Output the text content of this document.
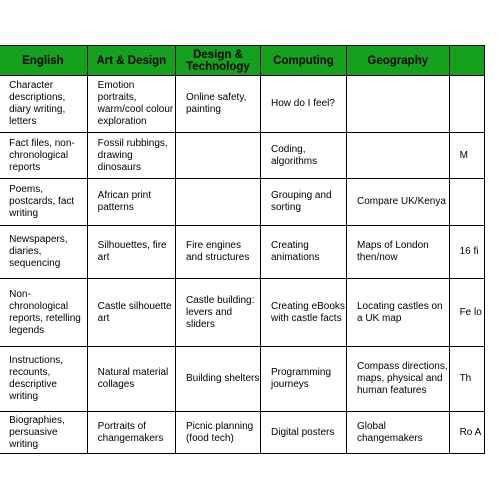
	English	Art & Design	Design & Technology	Computing	Geography	
	Character descriptions, diary writing, letters	Emotion portraits, warm/cool colour exploration	Online safety, painting	How do I feel?		
	Fact files, non-chronological reports	Fossil rubbings, drawing dinosaurs		Coding, algorithms		M
	Poems, postcards, fact writing	African print patterns		Grouping and sorting	Compare UK/Kenya	
	Newspapers, diaries, sequencing	Silhouettes, fire art	Fire engines and structures	Creating animations	Maps of London then/now	16 fi
	Non-chronological reports, retelling legends	Castle silhouette art	Castle building: levers and sliders	Creating eBooks with castle facts	Locating castles on a UK map	Fe lo
	Instructions, recounts, descriptive writing	Natural material collages	Building shelters	Programming journeys	Compass directions, maps, physical and human features	Th
	Biographies, persuasive writing	Portraits of changemakers	Picnic planning (food tech)	Digital posters	Global changemakers	Ro A
